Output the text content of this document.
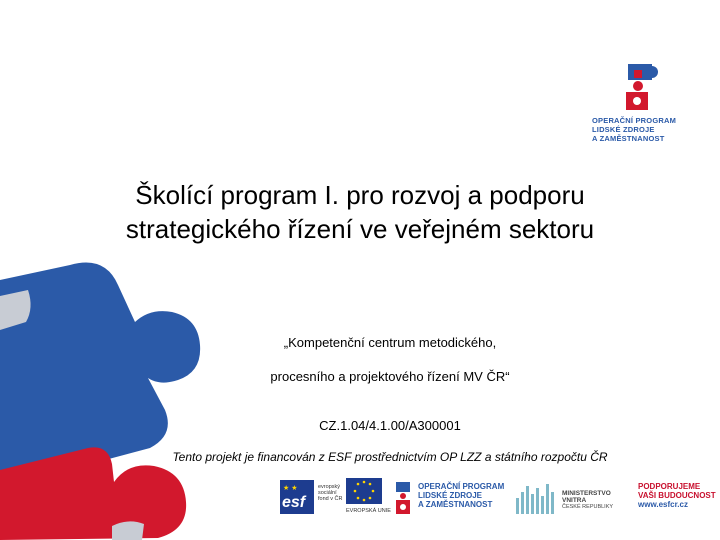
OPERAČNÍ PROGRAM
LIDSKÉ ZDROJE
A ZAMĚSTNANOST
Školící program I. pro rozvoj a podporu
strategického řízení ve veřejném sektoru
„Kompetenční centrum metodického,
procesního a projektového řízení MV ČR“
CZ.1.04/4.1.00/A300001
Tento projekt je financován z ESF prostřednictvím OP LZZ a státního rozpočtu ČR
★ ★
esf
evropský
sociální
fond v ČR
EVROPSKÁ UNIE
OPERAČNÍ PROGRAM
LIDSKÉ ZDROJE
A ZAMĚSTNANOST
MINISTERSTVO VNITRA
ČESKÉ REPUBLIKY
PODPORUJEME
VAŠI BUDOUCNOST
www.esfcr.cz
